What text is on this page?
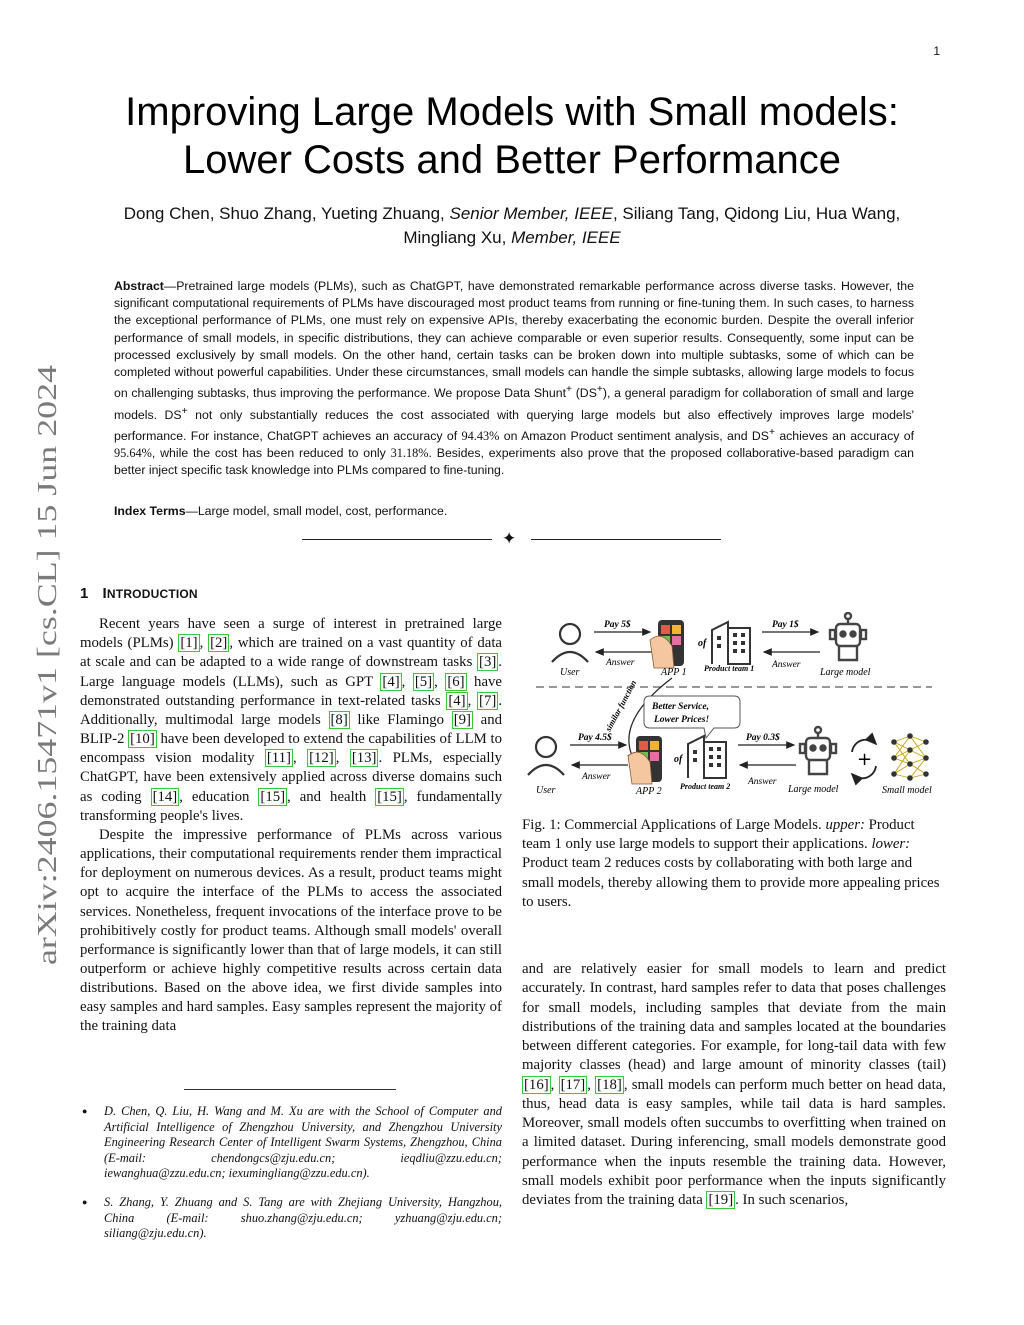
1
arXiv:2406.15471v1 [cs.CL] 15 Jun 2024
Improving Large Models with Small models:
Lower Costs and Better Performance
Dong Chen, Shuo Zhang, Yueting Zhuang, Senior Member, IEEE, Siliang Tang, Qidong Liu, Hua Wang,
Mingliang Xu, Member, IEEE
Abstract—Pretrained large models (PLMs), such as ChatGPT, have demonstrated remarkable performance across diverse tasks. However, the significant computational requirements of PLMs have discouraged most product teams from running or fine-tuning them. In such cases, to harness the exceptional performance of PLMs, one must rely on expensive APIs, thereby exacerbating the economic burden. Despite the overall inferior performance of small models, in specific distributions, they can achieve comparable or even superior results. Consequently, some input can be processed exclusively by small models. On the other hand, certain tasks can be broken down into multiple subtasks, some of which can be completed without powerful capabilities. Under these circumstances, small models can handle the simple subtasks, allowing large models to focus on challenging subtasks, thus improving the performance. We propose Data Shunt+ (DS+), a general paradigm for collaboration of small and large models. DS+ not only substantially reduces the cost associated with querying large models but also effectively improves large models' performance. For instance, ChatGPT achieves an accuracy of 94.43% on Amazon Product sentiment analysis, and DS+ achieves an accuracy of 95.64%, while the cost has been reduced to only 31.18%. Besides, experiments also prove that the proposed collaborative-based paradigm can better inject specific task knowledge into PLMs compared to fine-tuning.
Index Terms—Large model, small model, cost, performance.
✦
1 INTRODUCTION

Recent years have seen a surge of interest in pretrained large models (PLMs) [1] , [2] , which are trained on a vast quantity of data at scale and can be adapted to a wide range of downstream tasks [3] . Large language models (LLMs), such as GPT [4] , [5] , [6] have demonstrated outstanding performance in text-related tasks [4] , [7] . Additionally, multimodal large models [8] like Flamingo [9] and BLIP-2 [10] have been developed to extend the capabilities of LLM to encompass vision modality [11] , [12] , [13] . PLMs, especially ChatGPT, have been extensively applied across diverse domains such as coding [14] , education [15] , and health [15] , fundamentally transforming people's lives.

Despite the impressive performance of PLMs across various applications, their computational requirements render them impractical for deployment on numerous devices. As a result, product teams might opt to acquire the interface of the PLMs to access the associated services. Nonetheless, frequent invocations of the interface prove to be prohibitively costly for product teams. Although small models' overall performance is significantly lower than that of large models, it can still outperform or achieve highly competitive results across certain data distributions. Based on the above idea, we first divide samples into easy samples and hard samples. Easy samples represent the majority of the training data

● D. Chen, Q. Liu, H. Wang and M. Xu are with the School of Computer and Artificial Intelligence of Zhengzhou University, and Zhengzhou University Engineering Research Center of Intelligent Swarm Systems, Zhengzhou, China (E-mail: chendongcs@zju.edu.cn; ieqdliu@zzu.edu.cn; iewanghua@zzu.edu.cn; iexumingliang@zzu.edu.cn).
● S. Zhang, Y. Zhuang and S. Tang are with Zhejiang University, Hangzhou, China (E-mail: shuo.zhang@zju.edu.cn; yzhuang@zju.edu.cn; siliang@zju.edu.cn).
User
Pay 5$
Answer
APP 1
of
Product team 1
Pay 1$
Answer
Large model
similar function Better Service,
Lower Prices!
User
Pay 4.5$
Answer
APP 2
of
Product team 2
Pay 0.3$
Answer
Large model
+
Small model
Fig. 1: Commercial Applications of Large Models. upper: Product team 1 only use large models to support their applications. lower: Product team 2 reduces costs by collaborating with both large and small models, thereby allowing them to provide more appealing prices to users.
and are relatively easier for small models to learn and predict accurately. In contrast, hard samples refer to data that poses challenges for small models, including samples that deviate from the main distributions of the training data and samples located at the boundaries between different categories. For example, for long-tail data with few majority classes (head) and large amount of minority classes (tail) [16] , [17] , [18] , small models can perform much better on head data, thus, head data is easy samples, while tail data is hard samples. Moreover, small models often succumbs to overfitting when trained on a limited dataset. During inferencing, small models demonstrate good performance when the inputs resemble the training data. However, small models exhibit poor performance when the inputs significantly deviates from the training data [19] . In such scenarios,
